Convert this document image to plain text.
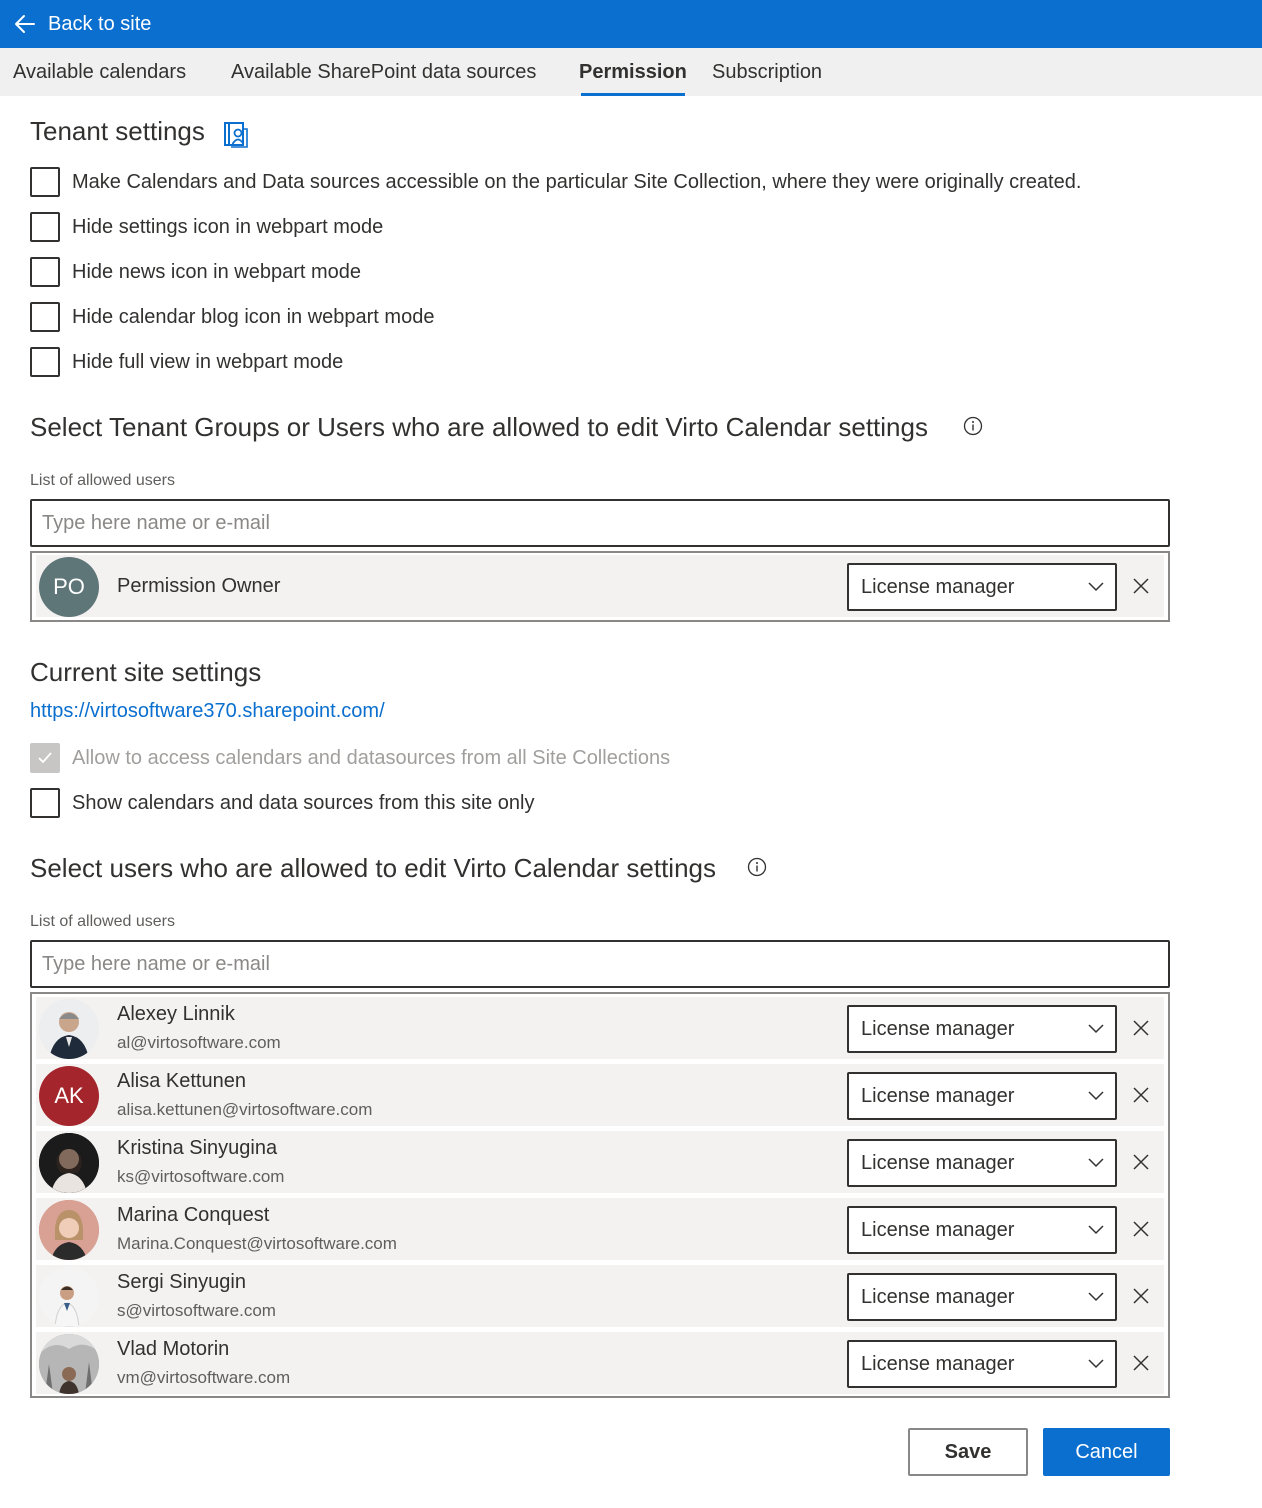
Back to site
Available calendars Available SharePoint data sources Permission Subscription
Tenant settings
Make Calendars and Data sources accessible on the particular Site Collection, where they were originally created.
Hide settings icon in webpart mode
Hide news icon in webpart mode
Hide calendar blog icon in webpart mode
Hide full view in webpart mode
Select Tenant Groups or Users who are allowed to edit Virto Calendar settings
List of allowed users
Type here name or e-mail
PO	Permission Owner	License manager
Current site settings
https://virtosoftware370.sharepoint.com/
Allow to access calendars and datasources from all Site Collections
Show calendars and data sources from this site only
Select users who are allowed to edit Virto Calendar settings
List of allowed users
Type here name or e-mail
Alexey Linnik
al@virtosoftware.com
License manager
AK
Alisa Kettunen
alisa.kettunen@virtosoftware.com
License manager
Kristina Sinyugina
ks@virtosoftware.com
License manager
Marina Conquest
Marina.Conquest@virtosoftware.com
License manager
Sergi Sinyugin
s@virtosoftware.com
License manager
Vlad Motorin
vm@virtosoftware.com
License manager
Save	Cancel
